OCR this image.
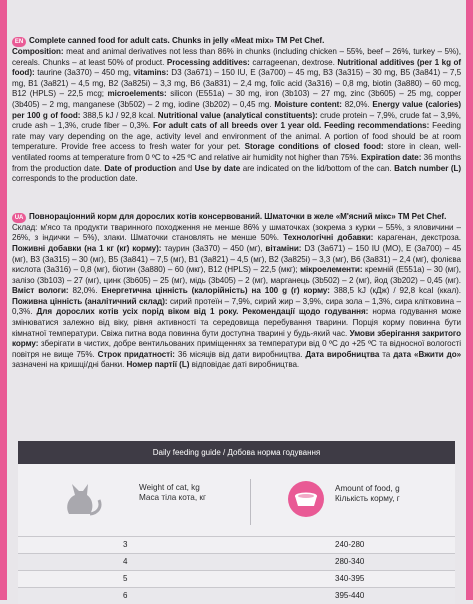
EN Complete canned food for adult cats. Chunks in jelly «Meat mix» TM Pet Chef.
Composition: meat and animal derivatives not less than 86% in chunks (including chicken – 55%, beef – 26%, turkey – 5%), cereals. Chunks – at least 50% of product. Processing additives: carrageenan, dextrose. Nutritional additives (per 1 kg of food): taurine (3a370) – 450 mg, vitamins: D3 (3a671) – 150 IU, E (3a700) – 45 mg, B3 (3a315) – 30 mg, B5 (3a841) – 7,5 mg, B1 (3a821) – 4,5 mg, B2 (3a825i) – 3,3 mg, B6 (3a831) – 2,4 mg, folic acid (3a316) – 0,8 mg, biotin (3a880) – 60 mcg, B12 (HPLS) – 22,5 mcg; microelements: silicon (E551a) – 30 mg, iron (3b103) – 27 mg, zinc (3b605) – 25 mg, copper (3b405) – 2 mg, manganese (3b502) – 2 mg, iodine (3b202) – 0,45 mg. Moisture content: 82,0%. Energy value (calories) per 100 g of food: 388,5 kJ / 92,8 kcal. Nutritional value (analytical constituents): crude protein – 7,9%, crude fat – 3,9%, crude ash – 1,3%, crude fiber – 0,3%. For adult cats of all breeds over 1 year old. Feeding recommendations: Feeding rate may vary depending on the age, activity level and environment of the animal. A portion of food should be at room temperature. Provide free access to fresh water for your pet. Storage conditions of closed food: store in clean, well-ventilated rooms at temperature from 0 ºC to +25 ºC and relative air humidity not higher than 75%. Expiration date: 36 months from the production date. Date of production and Use by date are indicated on the lid/bottom of the can. Batch number (L) corresponds to the production date.
UA Повнораціонний корм для дорослих котів консервований. Шматочки в желе «М'ясний мікс» ТМ Pet Chef.
Склад: м'ясо та продукти тваринного походження не менше 86% у шматочках (зокрема з курки – 55%, з яловичини – 26%, з індички – 5%), злаки. Шматочки становлять не менше 50%. Технологічні добавки: карагенан, декстроза. Поживні добавки (на 1 кг (кг) корму): таурин (3a370) – 450 (мг), вітаміни: D3 (3a671) – 150 IU (МО), E (3a700) – 45 (мг), B3 (3a315) – 30 (мг), B5 (3a841) – 7,5 (мг), B1 (3a821) – 4,5 (мг), B2 (3a825i) – 3,3 (мг), B6 (3a831) – 2,4 (мг), фолієва кислота (3a316) – 0,8 (мг), біотин (3a880) – 60 (мкг), B12 (HPLS) – 22,5 (мкг); мікроелементи: кремній (E551a) – 30 (мг), залізо (3b103) – 27 (мг), цинк (3b605) – 25 (мг), мідь (3b405) – 2 (мг), марганець (3b502) – 2 (мг), йод (3b202) – 0,45 (мг). Вміст вологи: 82,0%. Енергетична цінність (калорійність) на 100 g (г) корму: 388,5 kJ (кДж) / 92,8 kcal (ккал). Поживна цінність (аналітичний склад): сирий протеїн – 7,9%, сирий жир – 3,9%, сира зола – 1,3%, сира клітковина – 0,3%. Для дорослих котів усіх порід віком від 1 року. Рекомендації щодо годування: норма годування може змінюватися залежно від віку, рівня активності та середовища перебування тварини. Порція корму повинна бути кімнатної температури. Свіжа питна вода повинна бути доступна тварині у будь-який час. Умови зберігання закритого корму: зберігати в чистих, добре вентильованих приміщеннях за температури від 0 ºC до +25 ºC та відносної вологості повітря не вище 75%. Строк придатності: 36 місяців від дати виробництва. Дата виробництва та дата «Вжити до» зазначені на кришці/дні банки. Номер партії (L) відповідає даті виробництва.
Daily feeding guide / Добова норма годування
Weight of cat, kg
Маса тіла кота, кг
Amount of food, g
Кількість корму, г
3	240-280
4	280-340
5	340-395
6	395-440
